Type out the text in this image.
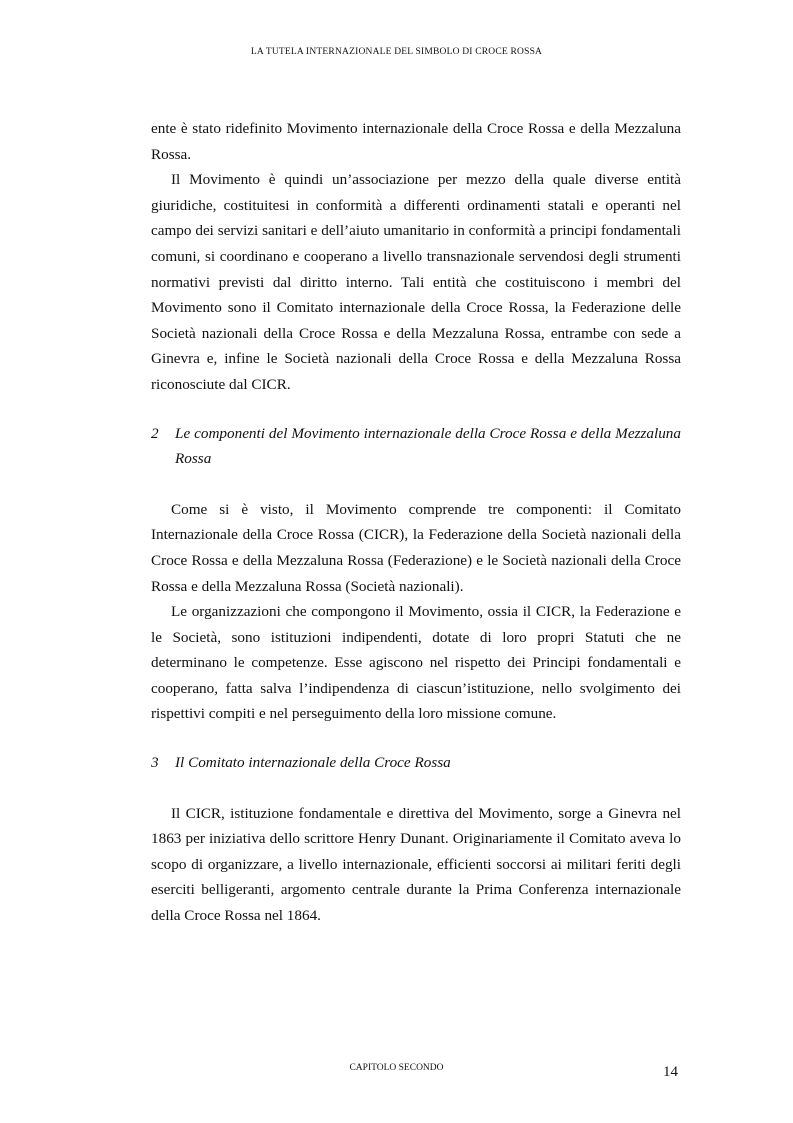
LA TUTELA INTERNAZIONALE DEL SIMBOLO DI CROCE ROSSA

ente è stato ridefinito Movimento internazionale della Croce Rossa e della Mezzaluna Rossa.

Il Movimento è quindi un’associazione per mezzo della quale diverse entità giuridiche, costituitesi in conformità a differenti ordinamenti statali e operanti nel campo dei servizi sanitari e dell’aiuto umanitario in conformità a principi fondamentali comuni, si coordinano e cooperano a livello transnazionale servendosi degli strumenti normativi previsti dal diritto interno. Tali entità che costituiscono i membri del Movimento sono il Comitato internazionale della Croce Rossa, la Federazione delle Società nazionali della Croce Rossa e della Mezzaluna Rossa, entrambe con sede a Ginevra e, infine le Società nazionali della Croce Rossa e della Mezzaluna Rossa riconosciute dal CICR.

2	Le componenti del Movimento internazionale della Croce Rossa e della Mezzaluna Rossa

Come si è visto, il Movimento comprende tre componenti: il Comitato Internazionale della Croce Rossa (CICR), la Federazione della Società nazionali della Croce Rossa e della Mezzaluna Rossa (Federazione) e le Società nazionali della Croce Rossa e della Mezzaluna Rossa (Società nazionali).

Le organizzazioni che compongono il Movimento, ossia il CICR, la Federazione e le Società, sono istituzioni indipendenti, dotate di loro propri Statuti che ne determinano le competenze. Esse agiscono nel rispetto dei Principi fondamentali e cooperano, fatta salva l’indipendenza di ciascun’istituzione, nello svolgimento dei rispettivi compiti e nel perseguimento della loro missione comune.

3	Il Comitato internazionale della Croce Rossa

Il CICR, istituzione fondamentale e direttiva del Movimento, sorge a Ginevra nel 1863 per iniziativa dello scrittore Henry Dunant. Originariamente il Comitato aveva lo scopo di organizzare, a livello internazionale, efficienti soccorsi ai militari feriti degli eserciti belligeranti, argomento centrale durante la Prima Conferenza internazionale della Croce Rossa nel 1864.

CAPITOLO SECONDO	14
